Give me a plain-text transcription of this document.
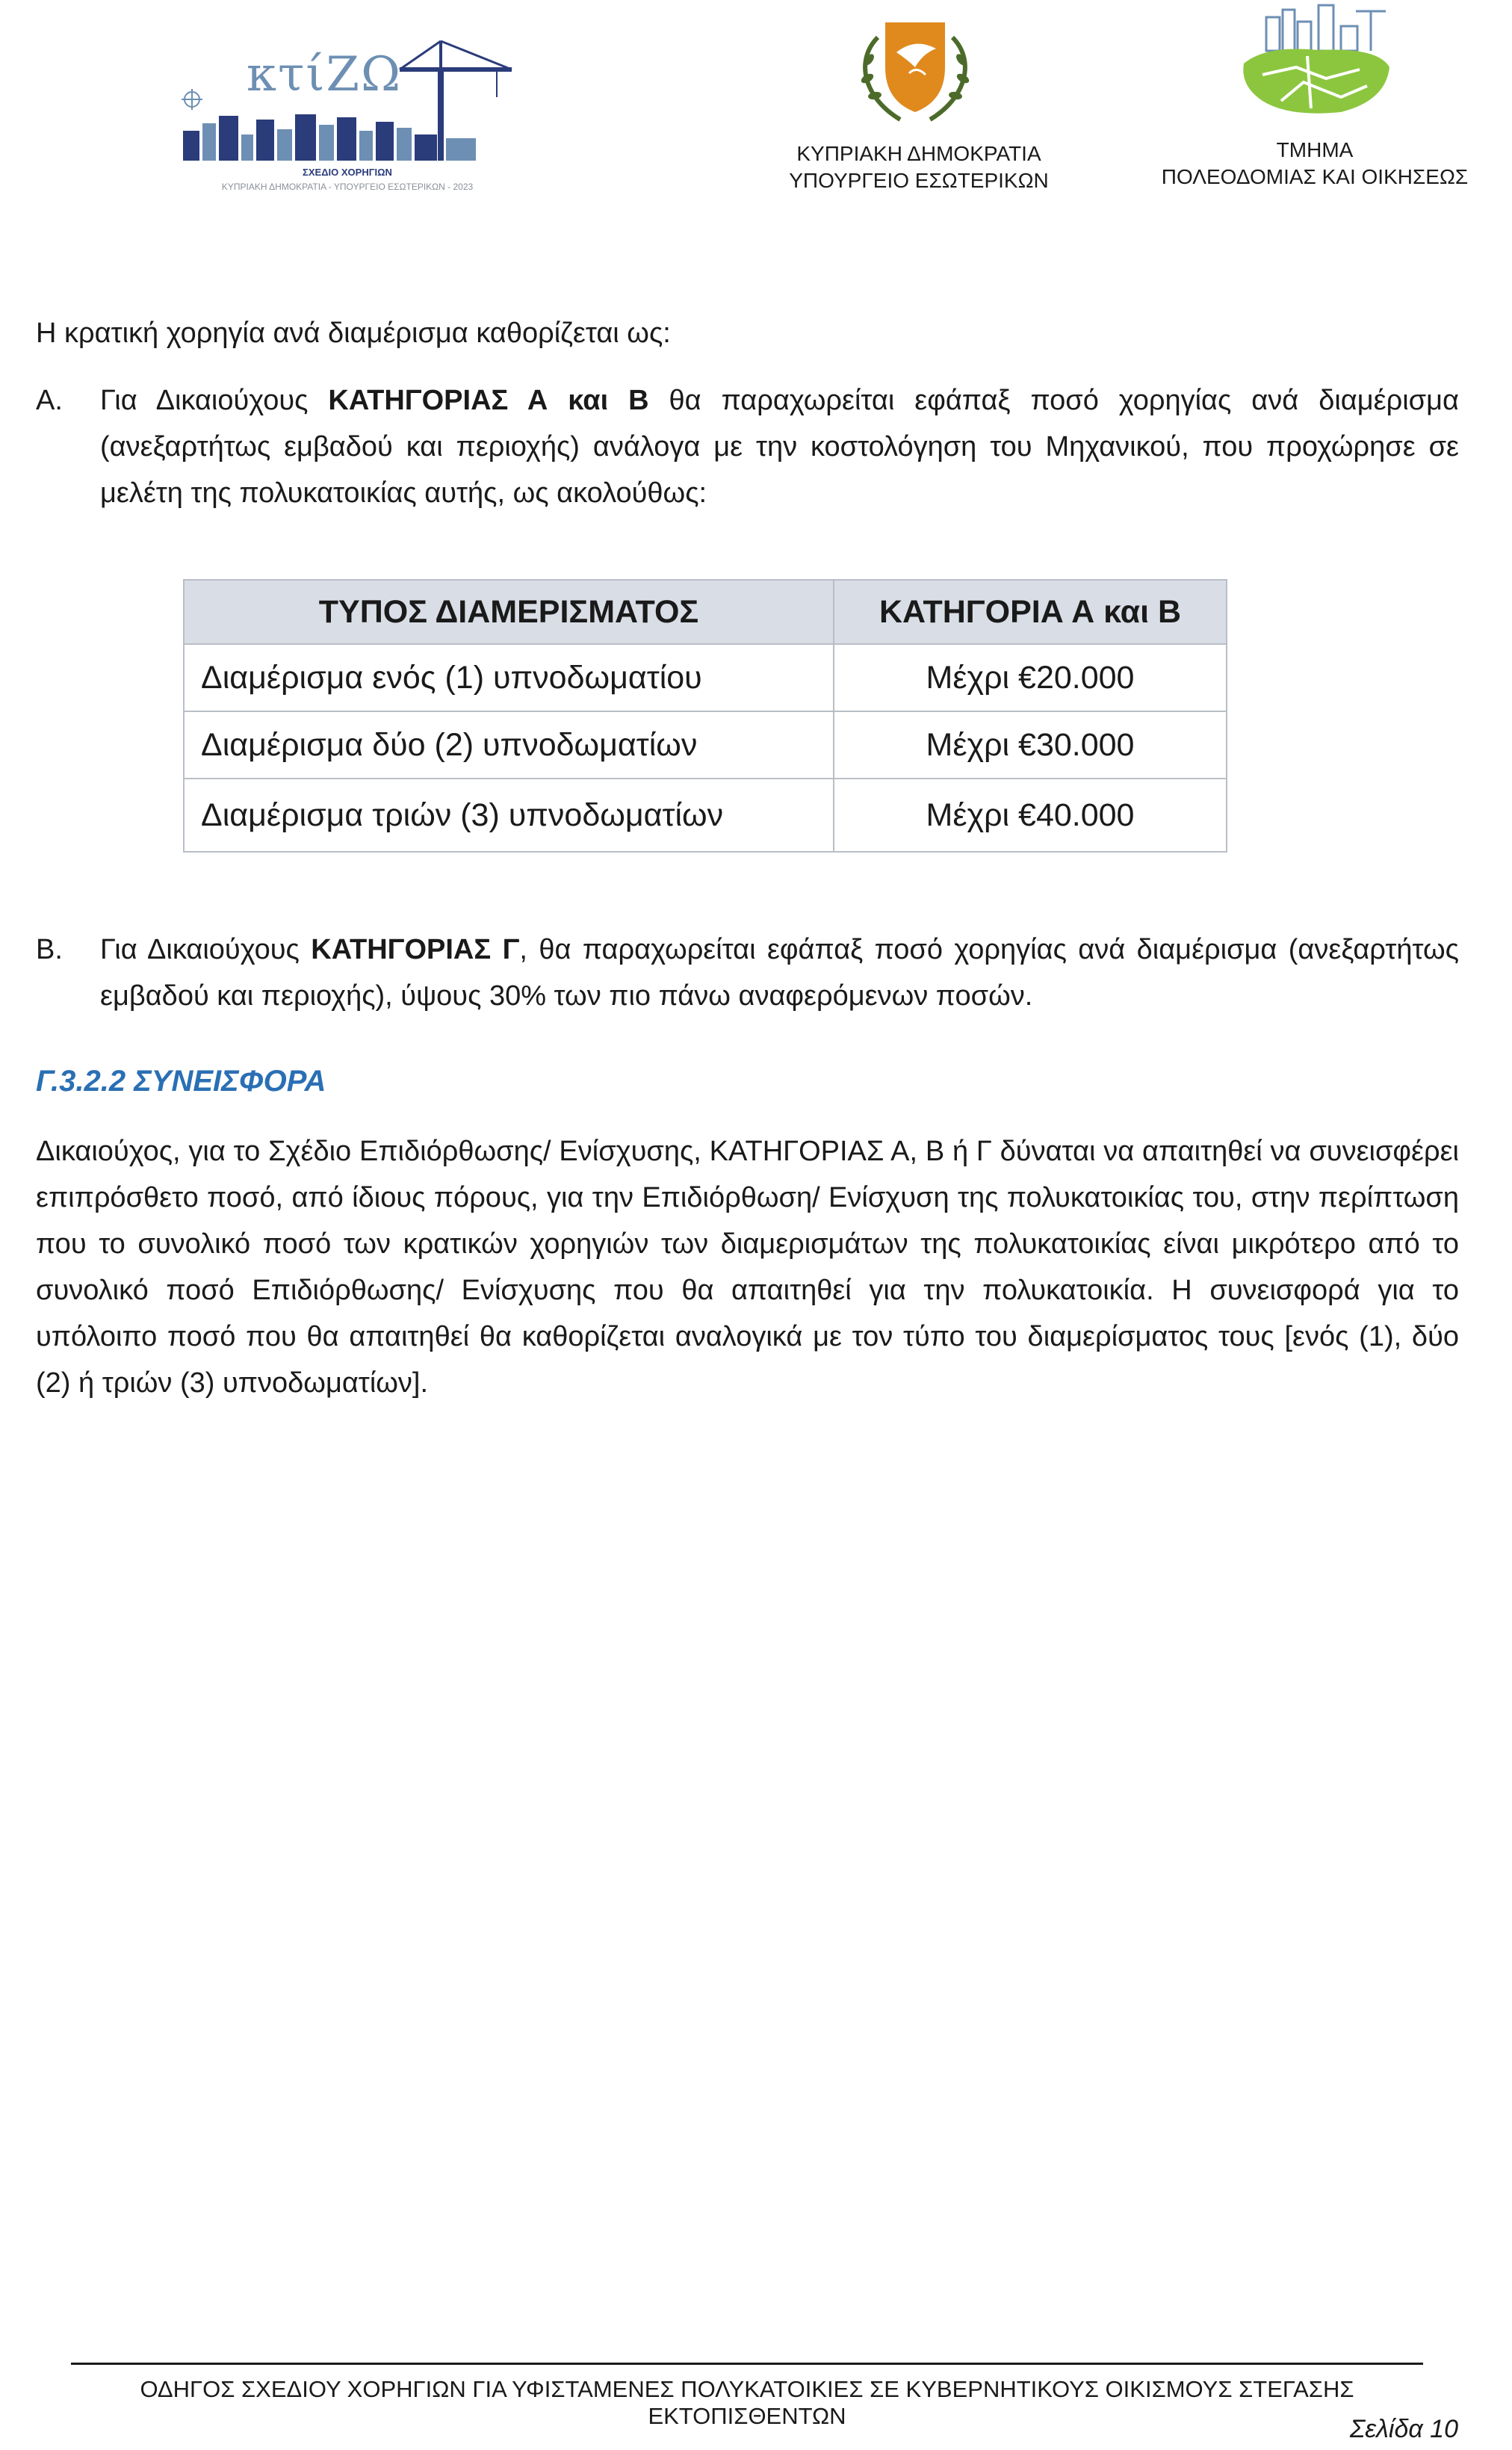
κτίΖΩ
ΣΧΕΔΙΟ ΧΟΡΗΓΙΩΝ
ΚΥΠΡΙΑΚΗ ΔΗΜΟΚΡΑΤΙΑ - ΥΠΟΥΡΓΕΙΟ ΕΣΩΤΕΡΙΚΩΝ - 2023
ΚΥΠΡΙΑΚΗ ΔΗΜΟΚΡΑΤΙΑ
ΥΠΟΥΡΓΕΙΟ ΕΣΩΤΕΡΙΚΩΝ
ΤΜΗΜΑ
ΠΟΛΕΟΔΟΜΙΑΣ ΚΑΙ ΟΙΚΗΣΕΩΣ
Η κρατική χορηγία ανά διαμέρισμα καθορίζεται ως:
Α. Για Δικαιούχους ΚΑΤΗΓΟΡΙΑΣ Α και Β θα παραχωρείται εφάπαξ ποσό χορηγίας ανά διαμέρισμα (ανεξαρτήτως εμβαδού και περιοχής) ανάλογα με την κοστολόγηση του Μηχανικού, που προχώρησε σε μελέτη της πολυκατοικίας αυτής, ως ακολούθως:
ΤΥΠΟΣ ΔΙΑΜΕΡΙΣΜΑΤΟΣ	ΚΑΤΗΓΟΡΙΑ Α και Β
Διαμέρισμα ενός (1) υπνοδωματίου	Μέχρι €20.000
Διαμέρισμα δύο (2) υπνοδωματίων	Μέχρι €30.000
Διαμέρισμα τριών (3) υπνοδωματίων	Μέχρι €40.000
Β. Για Δικαιούχους ΚΑΤΗΓΟΡΙΑΣ Γ, θα παραχωρείται εφάπαξ ποσό χορηγίας ανά διαμέρισμα (ανεξαρτήτως εμβαδού και περιοχής), ύψους 30% των πιο πάνω αναφερόμενων ποσών.
Γ.3.2.2 ΣΥΝΕΙΣΦΟΡΑ
Δικαιούχος, για το Σχέδιο Επιδιόρθωσης/ Ενίσχυσης, ΚΑΤΗΓΟΡΙΑΣ Α, Β ή Γ δύναται να απαιτηθεί να συνεισφέρει επιπρόσθετο ποσό, από ίδιους πόρους, για την Επιδιόρθωση/ Ενίσχυση της πολυκατοικίας του, στην περίπτωση που το συνολικό ποσό των κρατικών χορηγιών των διαμερισμάτων της πολυκατοικίας είναι μικρότερο από το συνολικό ποσό Επιδιόρθωσης/ Ενίσχυσης που θα απαιτηθεί για την πολυκατοικία. Η συνεισφορά για το υπόλοιπο ποσό που θα απαιτηθεί θα καθορίζεται αναλογικά με τον τύπο του διαμερίσματος τους [ενός (1), δύο (2) ή τριών (3) υπνοδωματίων].
ΟΔΗΓΟΣ ΣΧΕΔΙΟΥ ΧΟΡΗΓΙΩΝ ΓΙΑ ΥΦΙΣΤΑΜΕΝΕΣ ΠΟΛΥΚΑΤΟΙΚΙΕΣ ΣΕ ΚΥΒΕΡΝΗΤΙΚΟΥΣ ΟΙΚΙΣΜΟΥΣ ΣΤΕΓΑΣΗΣ ΕΚΤΟΠΙΣΘΕΝΤΩΝ	Σελίδα 10
